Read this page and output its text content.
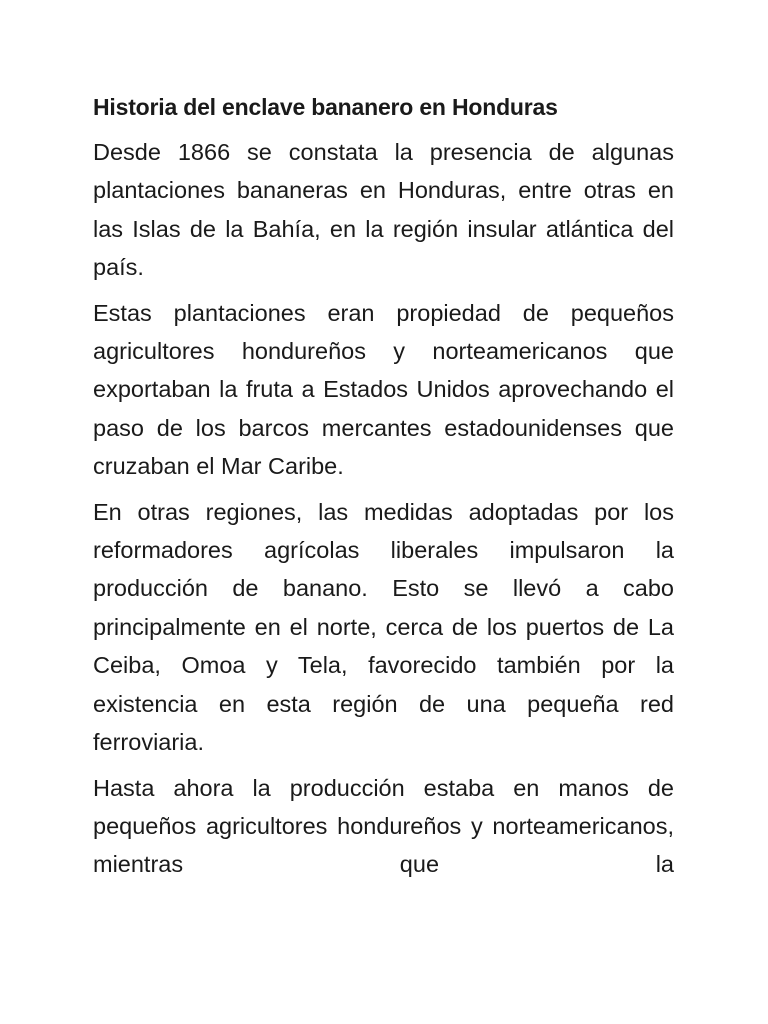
Historia del enclave bananero en Honduras

Desde 1866 se constata la presencia de algunas plantaciones bananeras en Honduras, entre otras en las Islas de la Bahía, en la región insular atlántica del país.

Estas plantaciones eran propiedad de pequeños agricultores hondureños y norteamericanos que exportaban la fruta a Estados Unidos aprovechando el paso de los barcos mercantes estadounidenses que cruzaban el Mar Caribe.

En otras regiones, las medidas adoptadas por los reformadores agrícolas liberales impulsaron la producción de banano. Esto se llevó a cabo principalmente en el norte, cerca de los puertos de La Ceiba, Omoa y Tela, favorecido también por la existencia en esta región de una pequeña red ferroviaria.

Hasta ahora la producción estaba en manos de pequeños agricultores hondureños y norteamericanos, mientras que la
